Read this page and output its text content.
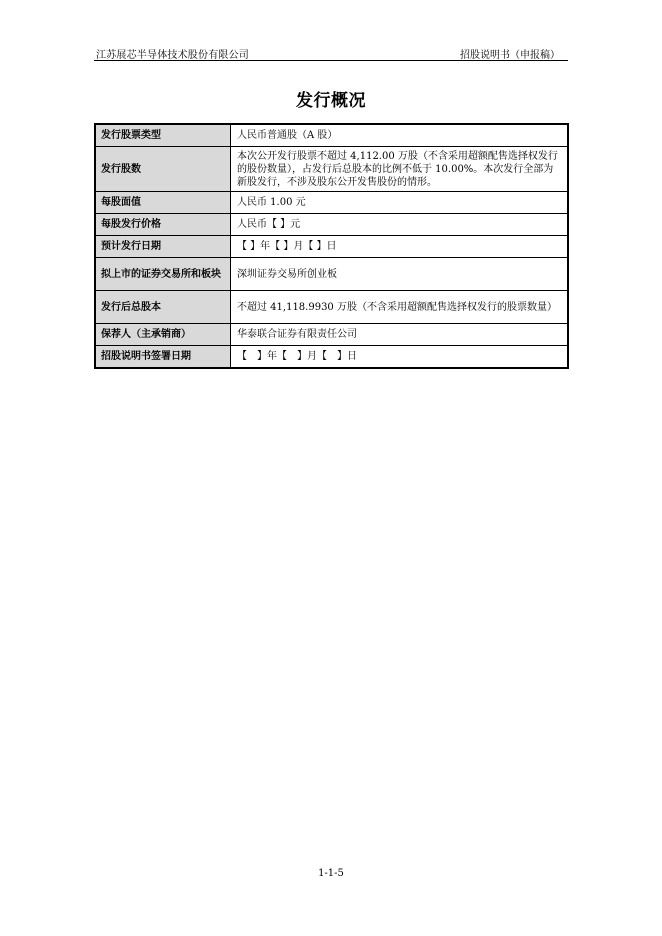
江苏展芯半导体技术股份有限公司	招股说明书（申报稿）
发行概况
发行股票类型	人民币普通股（A 股）
发行股数	本次公开发行股票不超过 4,112.00 万股（不含采用超额配售选择权发行的股份数量），占发行后总股本的比例不低于 10.00%。本次发行全部为新股发行，不涉及股东公开发售股份的情形。
每股面值	人民币 1.00 元
每股发行价格	人民币【 】元
预计发行日期	【 】年【 】月【 】日
拟上市的证券交易所和板块	深圳证券交易所创业板
发行后总股本	不超过 41,118.9930 万股（不含采用超额配售选择权发行的股票数量）
保荐人（主承销商）	华泰联合证券有限责任公司
招股说明书签署日期	【　】年【　】月【　】日
1-1-5
